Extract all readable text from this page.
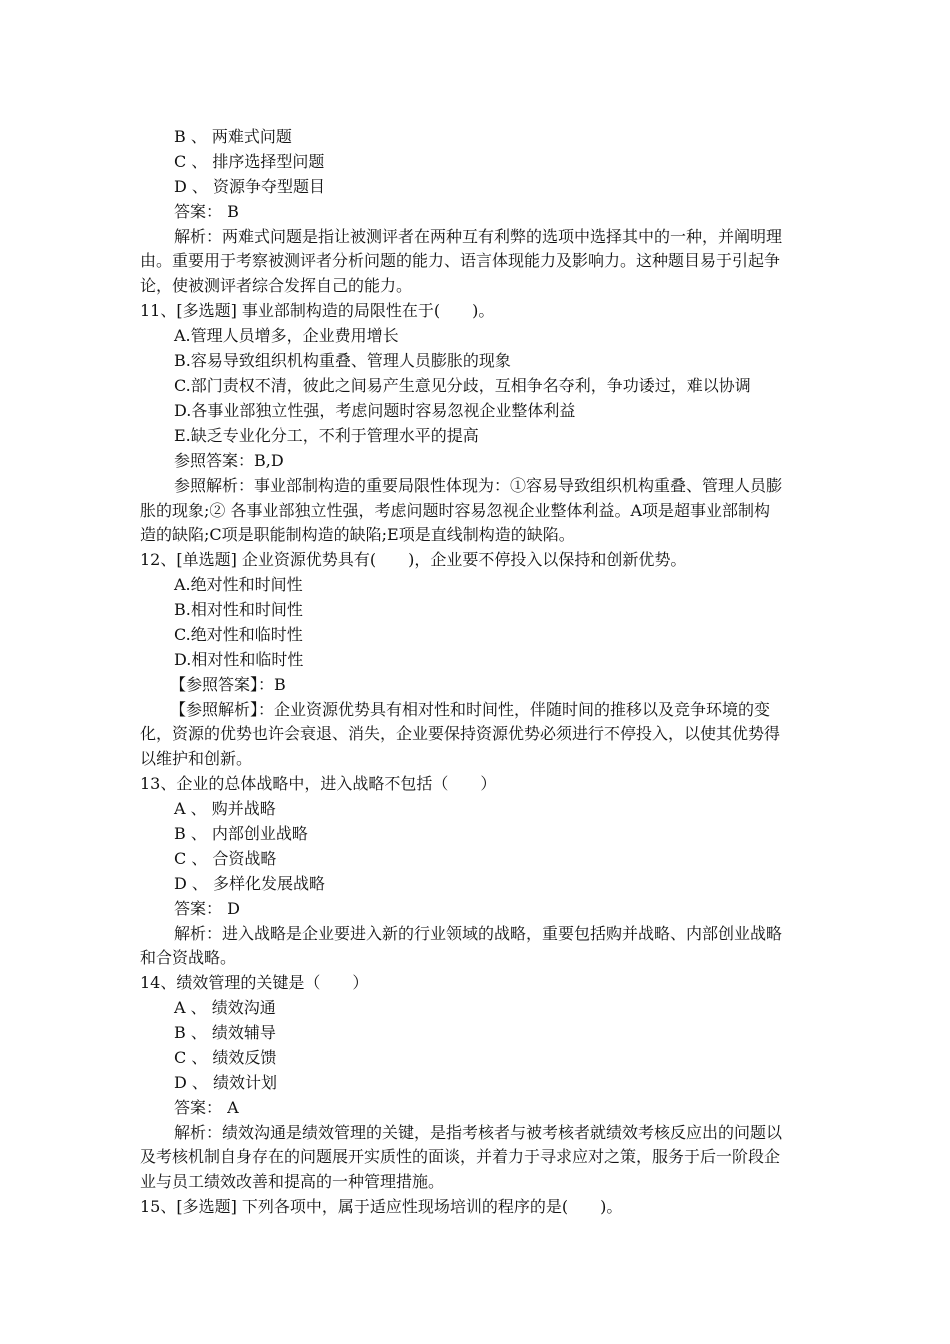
B 、 两难式问题
C 、 排序选择型问题
D 、 资源争夺型题目
答案： B
解析：两难式问题是指让被测评者在两种互有利弊的选项中选择其中的一种，并阐明理
由。重要用于考察被测评者分析问题的能力、语言体现能力及影响力。这种题目易于引起争
论，使被测评者综合发挥自己的能力。
11、[多选题] 事业部制构造的局限性在于(　　)。
A.管理人员增多，企业费用增长
B.容易导致组织机构重叠、管理人员膨胀的现象
C.部门责权不清，彼此之间易产生意见分歧，互相争名夺利，争功诿过，难以协调
D.各事业部独立性强，考虑问题时容易忽视企业整体利益
E.缺乏专业化分工，不利于管理水平的提高
参照答案：B,D
参照解析：事业部制构造的重要局限性体现为：①容易导致组织机构重叠、管理人员膨
胀的现象;② 各事业部独立性强，考虑问题时容易忽视企业整体利益。A项是超事业部制构
造的缺陷;C项是职能制构造的缺陷;E项是直线制构造的缺陷。
12、[单选题] 企业资源优势具有(　　)，企业要不停投入以保持和创新优势。
A.绝对性和时间性
B.相对性和时间性
C.绝对性和临时性
D.相对性和临时性
【参照答案】：B
【参照解析】：企业资源优势具有相对性和时间性，伴随时间的推移以及竞争环境的变
化，资源的优势也许会衰退、消失，企业要保持资源优势必须进行不停投入，以使其优势得
以维护和创新。
13、企业的总体战略中，进入战略不包括（　　）
A 、 购并战略
B 、 内部创业战略
C 、 合资战略
D 、 多样化发展战略
答案： D
解析：进入战略是企业要进入新的行业领域的战略，重要包括购并战略、内部创业战略
和合资战略。
14、绩效管理的关键是（　　）
A 、 绩效沟通
B 、 绩效辅导
C 、 绩效反馈
D 、 绩效计划
答案： A
解析：绩效沟通是绩效管理的关键，是指考核者与被考核者就绩效考核反应出的问题以
及考核机制自身存在的问题展开实质性的面谈，并着力于寻求应对之策，服务于后一阶段企
业与员工绩效改善和提高的一种管理措施。
15、[多选题] 下列各项中，属于适应性现场培训的程序的是(　　)。
